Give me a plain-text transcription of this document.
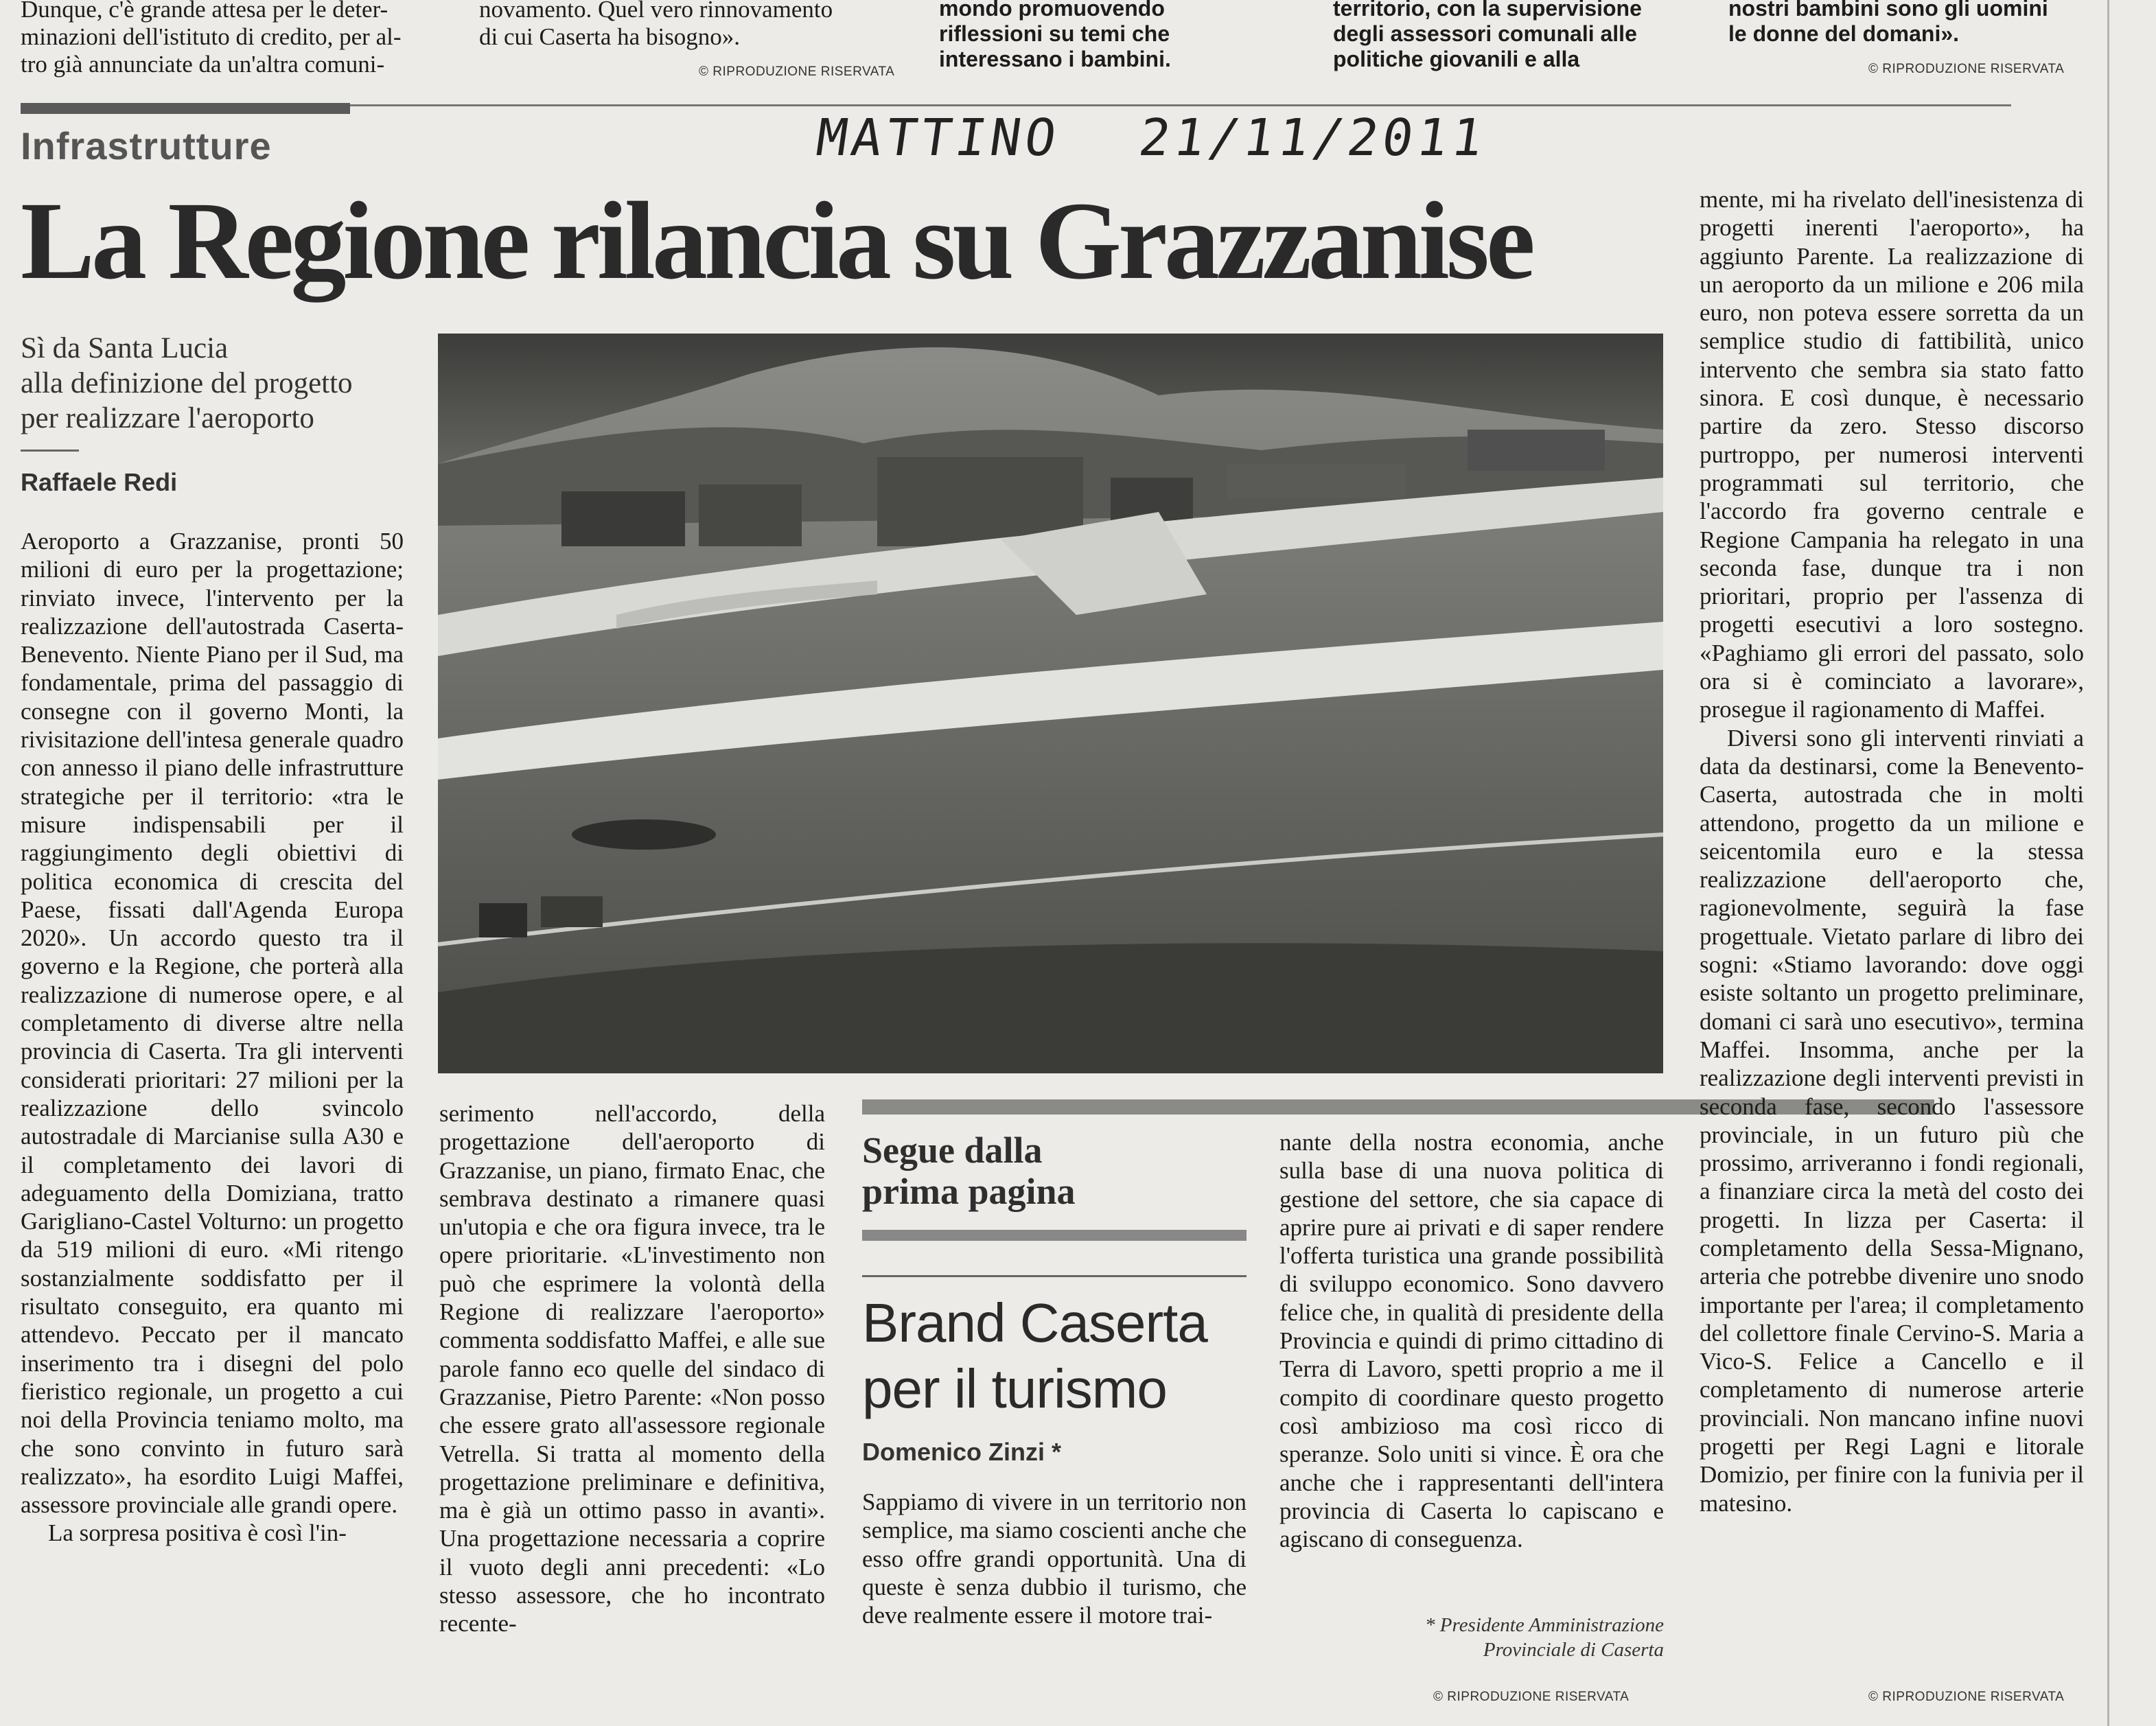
Dunque, c'è grande attesa per le deter-
minazioni dell'istituto di credito, per al-
tro già annunciate da un'altra comuni-
novamento. Quel vero rinnovamento
di cui Caserta ha bisogno».
© RIPRODUZIONE RISERVATA
mondo promuovendo
riflessioni su temi che
interessano i bambini.
territorio, con la supervisione
degli assessori comunali alle
politiche giovanili e alla
nostri bambini sono gli uomini
le donne del domani».
© RIPRODUZIONE RISERVATA
MATTINO 21/11/2011
Infrastrutture
La Regione rilancia su Grazzanise
Sì da Santa Lucia
alla definizione del progetto
per realizzare l'aeroporto
Raffaele Redi

Aeroporto a Grazzanise, pronti 50 milioni di euro per la progettazione; rinviato invece, l'intervento per la realizzazione dell'autostrada Caserta-Benevento. Niente Piano per il Sud, ma fondamentale, prima del passaggio di consegne con il governo Monti, la rivisitazione dell'intesa generale quadro con annesso il piano delle infrastrutture strategiche per il territorio: «tra le misure indispensabili per il raggiungimento degli obiettivi di politica economica di crescita del Paese, fissati dall'Agenda Europa 2020». Un accordo questo tra il governo e la Regione, che porterà alla realizzazione di numerose opere, e al completamento di diverse altre nella provincia di Caserta. Tra gli interventi considerati prioritari: 27 milioni per la realizzazione dello svincolo autostradale di Marcianise sulla A30 e il completamento dei lavori di adeguamento della Domiziana, tratto Garigliano-Castel Volturno: un progetto da 519 milioni di euro. «Mi ritengo sostanzialmente soddisfatto per il risultato conseguito, era quanto mi attendevo. Peccato per il mancato inserimento tra i disegni del polo fieristico regionale, un progetto a cui noi della Provincia teniamo molto, ma che sono convinto in futuro sarà realizzato», ha esordito Luigi Maffei, assessore provinciale alle grandi opere.

La sorpresa positiva è così l'in-

serimento nell'accordo, della progettazione dell'aeroporto di Grazzanise, un piano, firmato Enac, che sembrava destinato a rimanere quasi un'utopia e che ora figura invece, tra le opere prioritarie. «L'investimento non può che esprimere la volontà della Regione di realizzare l'aeroporto» commenta soddisfatto Maffei, e alle sue parole fanno eco quelle del sindaco di Grazzanise, Pietro Parente: «Non posso che essere grato all'assessore regionale Vetrella. Si tratta al momento della progettazione preliminare e definitiva, ma è già un ottimo passo in avanti». Una progettazione necessaria a coprire il vuoto degli anni precedenti: «Lo stesso assessore, che ho incontrato recente-

Segue dalla
prima pagina
Brand Caserta
per il turismo
Domenico Zinzi *

Sappiamo di vivere in un territorio non semplice, ma siamo coscienti anche che esso offre grandi opportunità. Una di queste è senza dubbio il turismo, che deve realmente essere il motore trai-

nante della nostra economia, anche sulla base di una nuova politica di gestione del settore, che sia capace di aprire pure ai privati e di saper rendere l'offerta turistica una grande possibilità di sviluppo economico. Sono davvero felice che, in qualità di presidente della Provincia e quindi di primo cittadino di Terra di Lavoro, spetti proprio a me il compito di coordinare questo progetto così ambizioso ma così ricco di speranze. Solo uniti si vince. È ora che anche che i rappresentanti dell'intera provincia di Caserta lo capiscano e agiscano di conseguenza.

* Presidente Amministrazione
Provinciale di Caserta
© RIPRODUZIONE RISERVATA

mente, mi ha rivelato dell'inesistenza di progetti inerenti l'aeroporto», ha aggiunto Parente. La realizzazione di un aeroporto da un milione e 206 mila euro, non poteva essere sorretta da un semplice studio di fattibilità, unico intervento che sembra sia stato fatto sinora. E così dunque, è necessario partire da zero. Stesso discorso purtroppo, per numerosi interventi programmati sul territorio, che l'accordo fra governo centrale e Regione Campania ha relegato in una seconda fase, dunque tra i non prioritari, proprio per l'assenza di progetti esecutivi a loro sostegno. «Paghiamo gli errori del passato, solo ora si è cominciato a lavorare», prosegue il ragionamento di Maffei.

Diversi sono gli interventi rinviati a data da destinarsi, come la Benevento-Caserta, autostrada che in molti attendono, progetto da un milione e seicentomila euro e la stessa realizzazione dell'aeroporto che, ragionevolmente, seguirà la fase progettuale. Vietato parlare di libro dei sogni: «Stiamo lavorando: dove oggi esiste soltanto un progetto preliminare, domani ci sarà uno esecutivo», termina Maffei. Insomma, anche per la realizzazione degli interventi previsti in seconda fase, secondo l'assessore provinciale, in un futuro più che prossimo, arriveranno i fondi regionali, a finanziare circa la metà del costo dei progetti. In lizza per Caserta: il completamento della Sessa-Mignano, arteria che potrebbe divenire uno snodo importante per l'area; il completamento del collettore finale Cervino-S. Maria a Vico-S. Felice a Cancello e il completamento di numerose arterie provinciali. Non mancano infine nuovi progetti per Regi Lagni e litorale Domizio, per finire con la funivia per il matesino.

© RIPRODUZIONE RISERVATA
